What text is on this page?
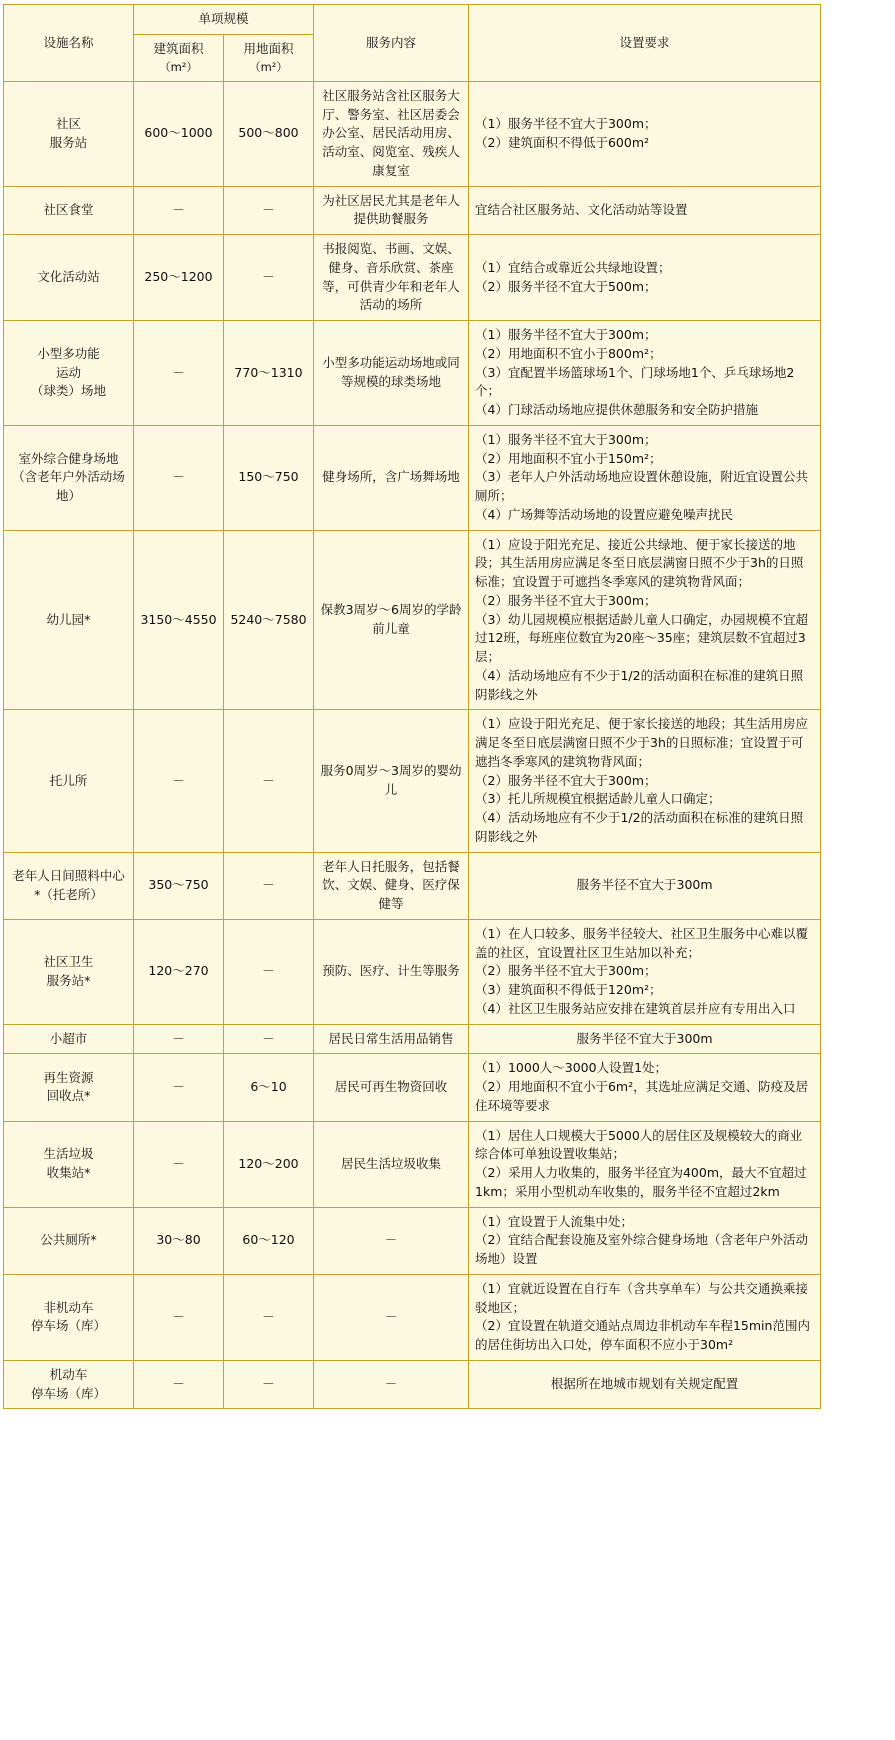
设施名称	单项规模		服务内容	设置要求

	建筑面积
（m²）	用地面积
（m²）		

社区
服务站	600～1000	500～800	社区服务站含社区服务大厅、警务室、社区居委会办公室、居民活动用房、活动室、阅览室、残疾人康复室	（1）服务半径不宜大于300m；
（2）建筑面积不得低于600m²

社区食堂	－	－	为社区居民尤其是老年人提供助餐服务	宜结合社区服务站、文化活动站等设置

文化活动站	250～1200	－	书报阅览、书画、文娱、健身、音乐欣赏、茶座等，可供青少年和老年人活动的场所	（1）宜结合或靠近公共绿地设置；
（2）服务半径不宜大于500m；

小型多功能
运动
（球类）场地	－	770～1310	小型多功能运动场地或同等规模的球类场地	（1）服务半径不宜大于300m；
（2）用地面积不宜小于800m²；
（3）宜配置半场篮球场1个、门球场地1个、乒乓球场地2个；
（4）门球活动场地应提供休憩服务和安全防护措施

室外综合健身场地（含老年户外活动场地）	－	150～750	健身场所，含广场舞场地	（1）服务半径不宜大于300m；
（2）用地面积不宜小于150m²；
（3）老年人户外活动场地应设置休憩设施，附近宜设置公共厕所；
（4）广场舞等活动场地的设置应避免噪声扰民

幼儿园*	3150～4550	5240～7580	保教3周岁～6周岁的学龄前儿童	（1）应设于阳光充足、接近公共绿地、便于家长接送的地段；其生活用房应满足冬至日底层满窗日照不少于3h的日照标准；宜设置于可遮挡冬季寒风的建筑物背风面；
（2）服务半径不宜大于300m；
（3）幼儿园规模应根据适龄儿童人口确定，办园规模不宜超过12班，每班座位数宜为20座～35座；建筑层数不宜超过3层；
（4）活动场地应有不少于1/2的活动面积在标准的建筑日照阴影线之外

托儿所	－	－	服务0周岁～3周岁的婴幼儿	（1）应设于阳光充足、便于家长接送的地段；其生活用房应满足冬至日底层满窗日照不少于3h的日照标准；宜设置于可遮挡冬季寒风的建筑物背风面；
（2）服务半径不宜大于300m；
（3）托儿所规模宜根据适龄儿童人口确定；
（4）活动场地应有不少于1/2的活动面积在标准的建筑日照阴影线之外

老年人日间照料中心*（托老所）	350～750	－	老年人日托服务，包括餐饮、文娱、健身、医疗保健等	服务半径不宜大于300m

社区卫生
服务站*	120～270	－	预防、医疗、计生等服务	（1）在人口较多、服务半径较大、社区卫生服务中心难以覆盖的社区，宜设置社区卫生站加以补充；
（2）服务半径不宜大于300m；
（3）建筑面积不得低于120m²；
（4）社区卫生服务站应安排在建筑首层并应有专用出入口

小超市	－	－	居民日常生活用品销售	服务半径不宜大于300m

再生资源
回收点*	－	6～10	居民可再生物资回收	（1）1000人～3000人设置1处；
（2）用地面积不宜小于6m²，其选址应满足交通、防疫及居住环境等要求

生活垃圾
收集站*	－	120～200	居民生活垃圾收集	（1）居住人口规模大于5000人的居住区及规模较大的商业综合体可单独设置收集站；
（2）采用人力收集的，服务半径宜为400m，最大不宜超过1km；采用小型机动车收集的，服务半径不宜超过2km

公共厕所*	30～80	60～120	－	（1）宜设置于人流集中处；
（2）宜结合配套设施及室外综合健身场地（含老年户外活动场地）设置

非机动车
停车场（库）	－	－	－	（1）宜就近设置在自行车（含共享单车）与公共交通换乘接驳地区；
（2）宜设置在轨道交通站点周边非机动车车程15min范围内的居住街坊出入口处，停车面积不应小于30m²

机动车
停车场（库）	－	－	－	根据所在地城市规划有关规定配置
